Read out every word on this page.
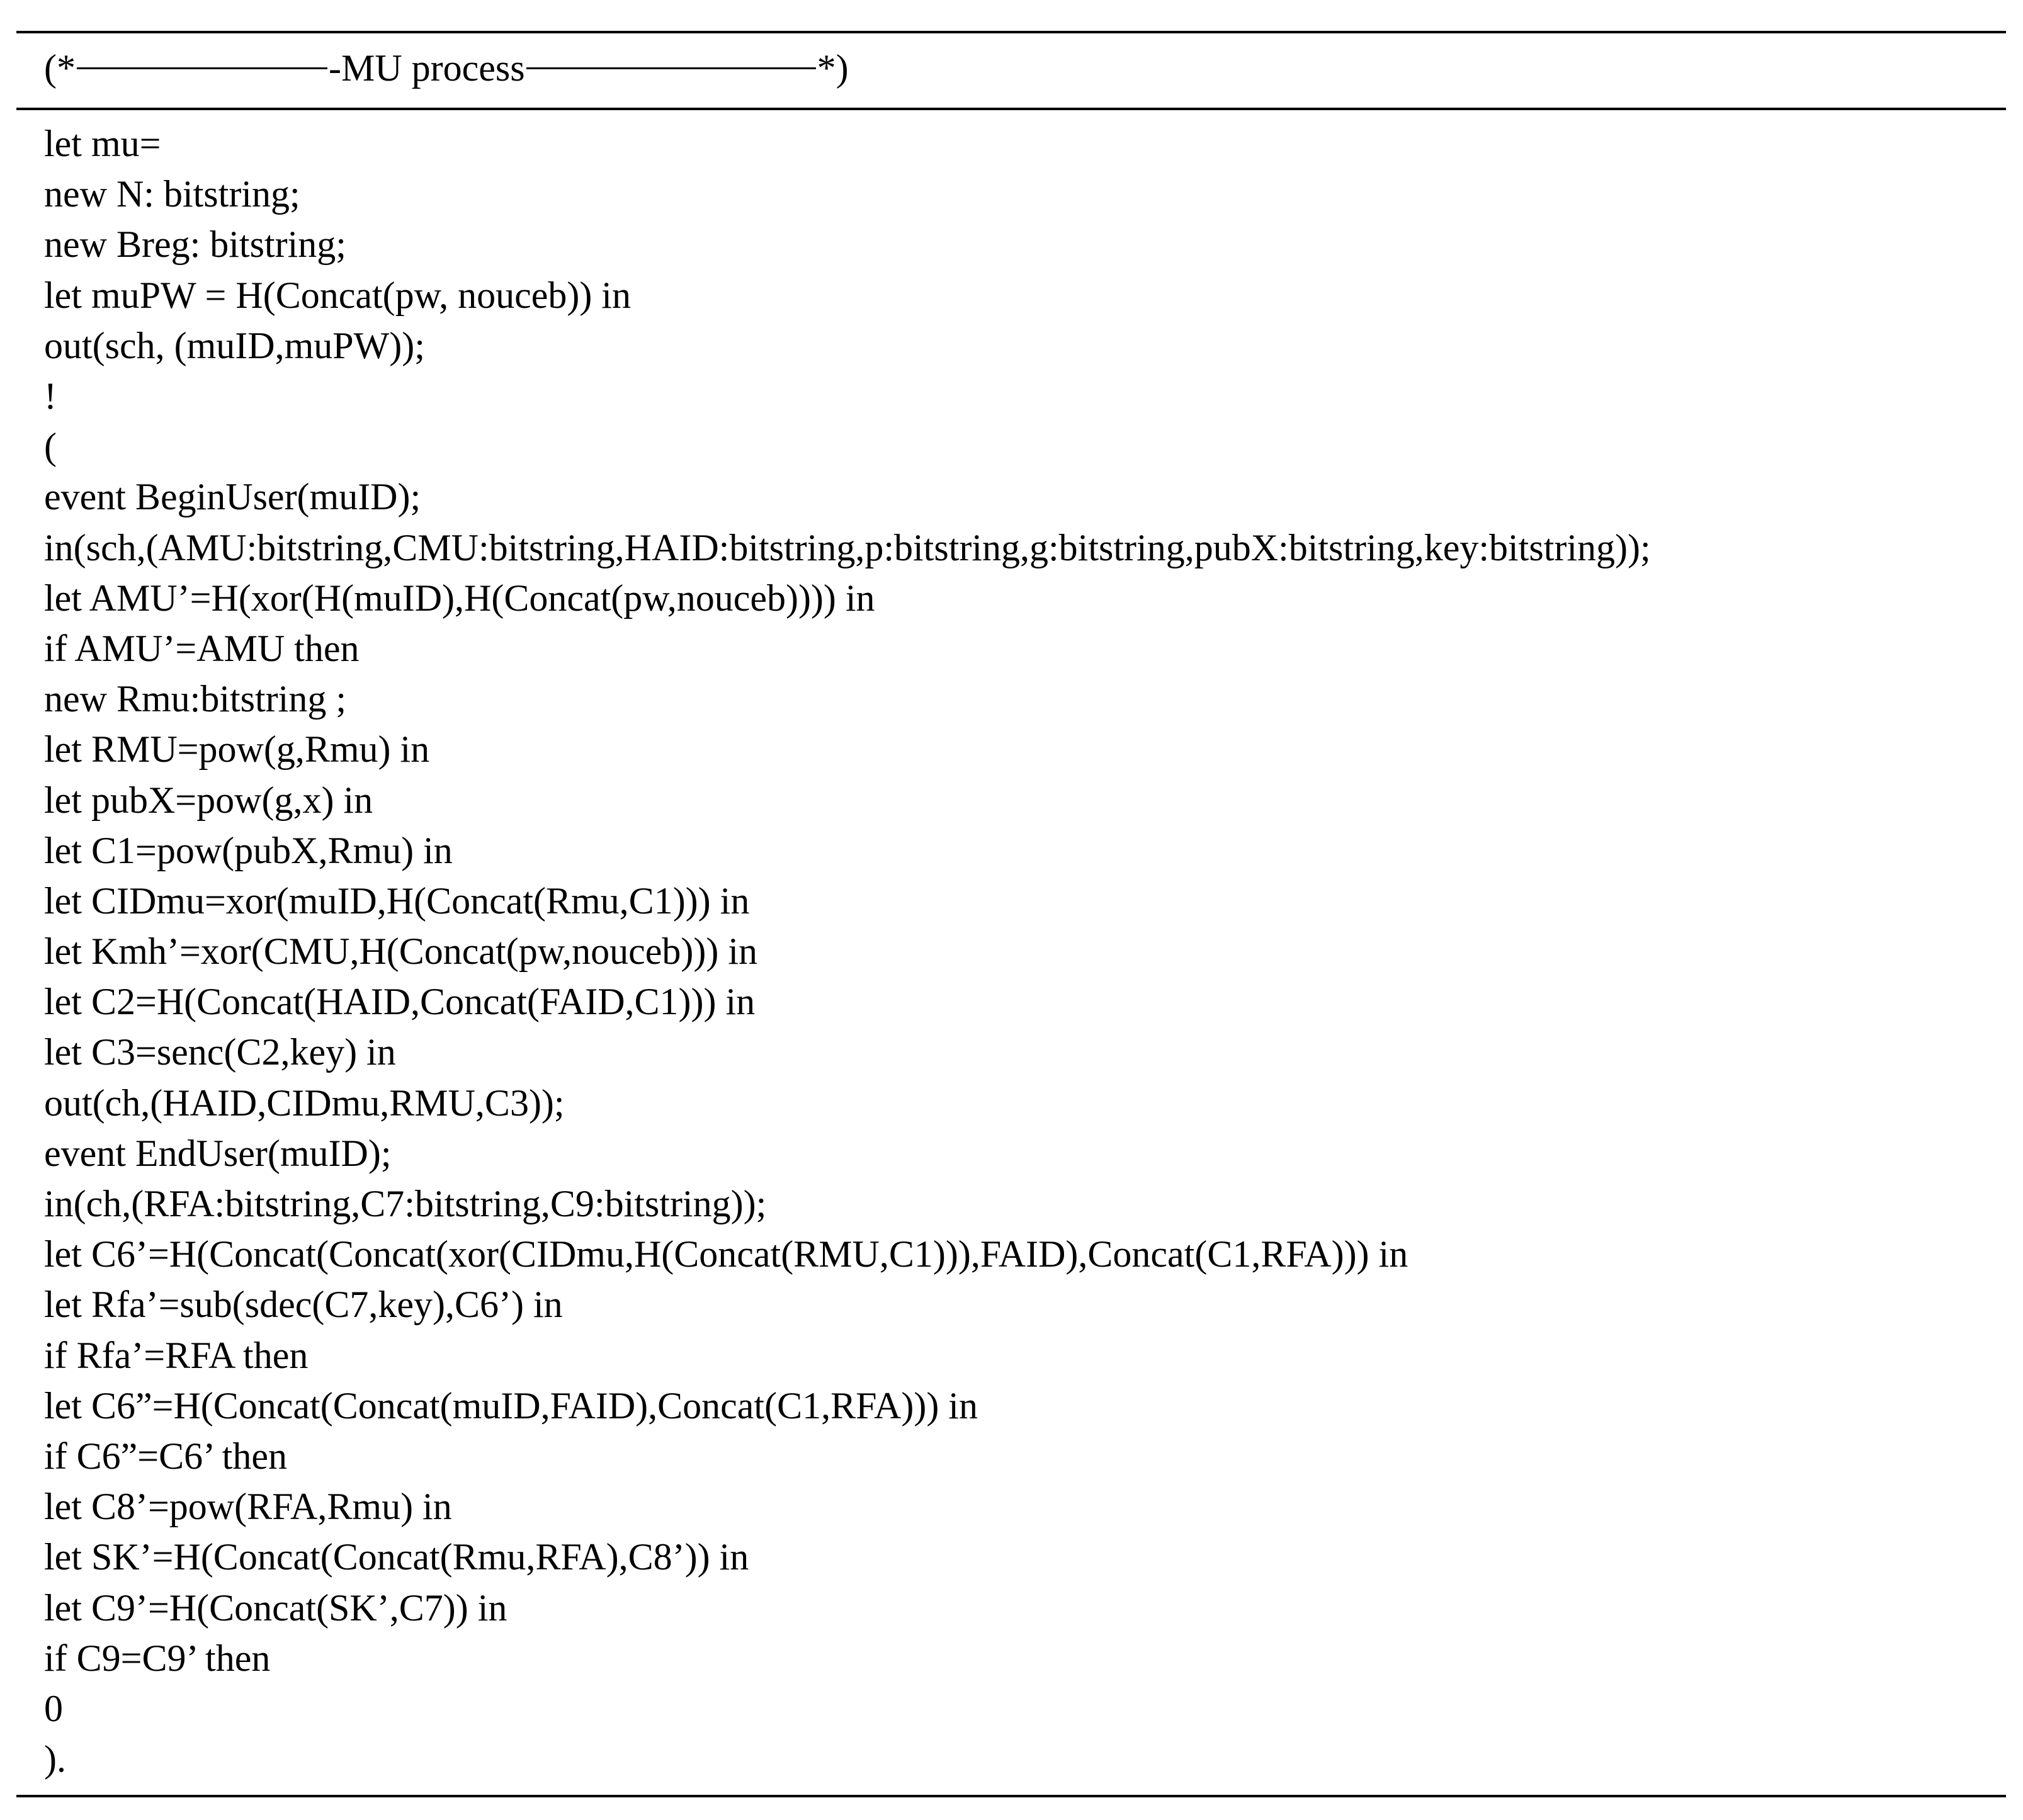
(*	-MU process	*)
let mu=
new N: bitstring;
new Breg: bitstring;
let muPW = H(Concat(pw, nouceb)) in
out(sch, (muID,muPW));
!
(
event BeginUser(muID);
in(sch,(AMU:bitstring,CMU:bitstring,HAID:bitstring,p:bitstring,g:bitstring,pubX:bitstring,key:bitstring));
let AMU’=H(xor(H(muID),H(Concat(pw,nouceb)))) in
if AMU’=AMU then
new Rmu:bitstring ;
let RMU=pow(g,Rmu) in
let pubX=pow(g,x) in
let C1=pow(pubX,Rmu) in
let CIDmu=xor(muID,H(Concat(Rmu,C1))) in
let Kmh’=xor(CMU,H(Concat(pw,nouceb))) in
let C2=H(Concat(HAID,Concat(FAID,C1))) in
let C3=senc(C2,key) in
out(ch,(HAID,CIDmu,RMU,C3));
event EndUser(muID);
in(ch,(RFA:bitstring,C7:bitstring,C9:bitstring));
let C6’=H(Concat(Concat(xor(CIDmu,H(Concat(RMU,C1))),FAID),Concat(C1,RFA))) in
let Rfa’=sub(sdec(C7,key),C6’) in
if Rfa’=RFA then
let C6”=H(Concat(Concat(muID,FAID),Concat(C1,RFA))) in
if C6”=C6’ then
let C8’=pow(RFA,Rmu) in
let SK’=H(Concat(Concat(Rmu,RFA),C8’)) in
let C9’=H(Concat(SK’,C7)) in
if C9=C9’ then
0
).
